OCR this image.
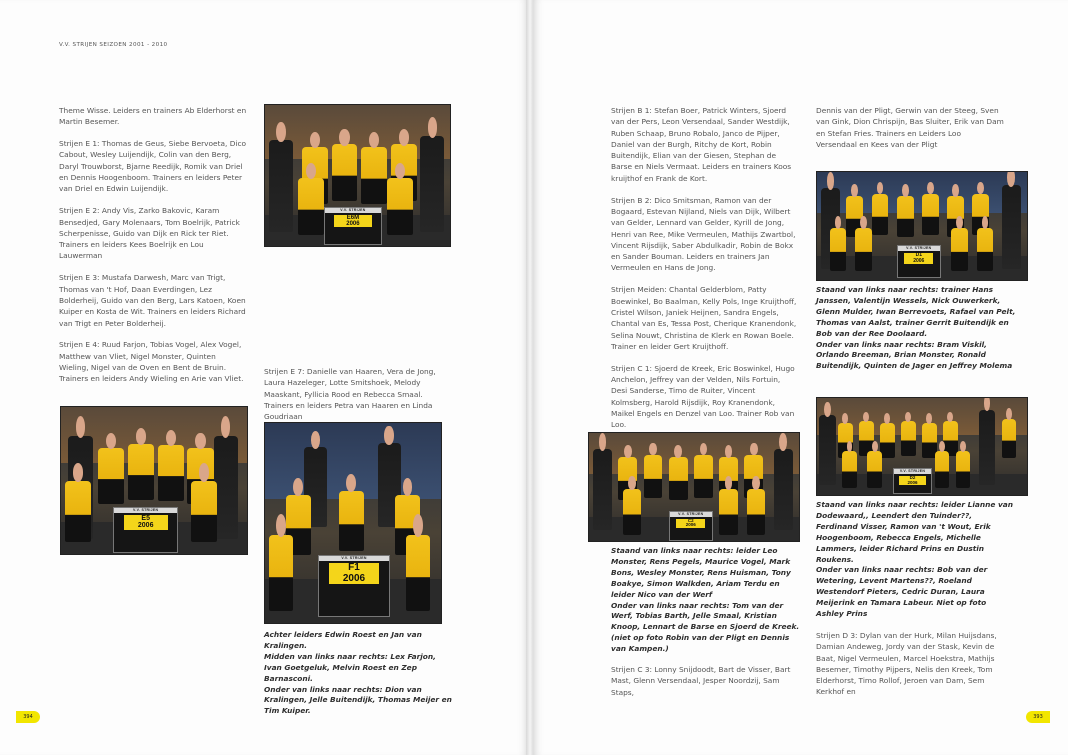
V.V. STRIJEN SEIZOEN 2001 - 2010

Theme Wisse. Leiders en trainers Ab Elderhorst en Martin Besemer.

Strijen E 1: Thomas de Geus, Siebe Bervoeta, Dico Cabout, Wesley Luijendijk, Colin van den Berg, Daryl Trouwborst, Bjarne Reedijk, Romik van Driel en Dennis Hoogenboom. Trainers en leiders Peter van Driel en Edwin Luijendijk.

Strijen E 2: Andy Vis, Zarko Bakovic, Karam Bensedjed, Gary Molenaars, Tom Boelrijk, Patrick Scherpenisse, Guido van Dijk en Rick ter Riet. Trainers en leiders Kees Boelrijk en Lou Lauwerman

Strijen E 3: Mustafa Darwesh, Marc van Trigt, Thomas van 't Hof, Daan Everdingen, Lez Bolderheij, Guido van den Berg, Lars Katoen, Koen Kuiper en Kosta de Wit. Trainers en leiders Richard van Trigt en Peter Bolderheij.

Strijen E 4: Ruud Farjon, Tobias Vogel, Alex Vogel, Matthew van Vliet, Nigel Monster, Quinten Wieling, Nigel van de Oven en Bent de Bruin. Trainers en leiders Andy Wieling en Arie van Vliet.

V.V. STRIJEN
E6M
2006

Strijen E 7: Danielle van Haaren, Vera de Jong, Laura Hazeleger, Lotte Smitshoek, Melody Maaskant, Fyllicia Rood en Rebecca Smaal. Trainers en leiders Petra van Haaren en Linda Goudriaan

V.V. STRIJEN
E5
2006
V.V. STRIJEN
F1
2006

Achter leiders Edwin Roest en Jan van Kralingen.

Midden van links naar rechts: Lex Farjon, Ivan Goetgeluk, Melvin Roest en Zep Barnasconi.

Onder van links naar rechts: Dion van Kralingen, Jelle Buitendijk, Thomas Meijer en Tim Kuiper.

394

Strijen B 1: Stefan Boer, Patrick Winters, Sjoerd van der Pers, Leon Versendaal, Sander Westdijk, Ruben Schaap, Bruno Robalo, Janco de Pijper, Daniel van der Burgh, Ritchy de Kort, Robin Buitendijk, Elian van der Giesen, Stephan de Barse en Niels Vermaat. Leiders en trainers Koos kruijthof en Frank de Kort.

Strijen B 2: Dico Smitsman, Ramon van der Bogaard, Estevan Nijland, Niels van Dijk, Wilbert van Gelder, Lennard van Gelder, Kyrill de Jong, Henri van Ree, Mike Vermeulen, Mathijs Zwartbol, Vincent Rijsdijk, Saber Abdulkadir, Robin de Bokx en Sander Bouman. Leiders en trainers Jan Vermeulen en Hans de Jong.

Strijen Meiden: Chantal Gelderblom, Patty Boewinkel, Bo Baalman, Kelly Pols, Inge Kruijthoff, Cristel Wilson, Janiek Heijnen, Sandra Engels, Chantal van Es, Tessa Post, Cherique Kranendonk, Selina Nouwt, Christina de Klerk en Rowan Boele. Trainer en leider Gert Kruijthoff.

Strijen C 1: Sjoerd de Kreek, Eric Boswinkel, Hugo Anchelon, Jeffrey van der Velden, Nils Fortuin, Desi Sanderse, Timo de Ruiter, Vincent Kolmsberg, Harold Rijsdijk, Roy Kranendonk, Maikel Engels en Denzel van Loo. Trainer Rob van Loo.

V.V. STRIJEN
C2
2006

Staand van links naar rechts: leider Leo Monster, Rens Pegels, Maurice Vogel, Mark Bons, Wesley Monster, Rens Huisman, Tony Boakye, Simon Walkden, Ariam Terdu en leider Nico van der Werf

Onder van links naar rechts: Tom van der Werf, Tobias Barth, Jelle Smaal, Kristian Knoop, Lennart de Barse en Sjoerd de Kreek. (niet op foto Robin van der Pligt en Dennis van Kampen.)

Strijen C 3: Lonny Snijdoodt, Bart de Visser, Bart Mast, Glenn Versendaal, Jesper Noordzij, Sam Staps,

Dennis van der Pligt, Gerwin van der Steeg, Sven van Gink, Dion Chrispijn, Bas Sluiter, Erik van Dam en Stefan Fries. Trainers en Leiders Loo Versendaal en Kees van der Pligt

V.V. STRIJEN
D1
2006

Staand van links naar rechts: trainer Hans Janssen, Valentijn Wessels, Nick Ouwerkerk, Glenn Mulder, Iwan Berrevoets, Rafael van Pelt, Thomas van Aalst, trainer Gerrit Buitendijk en Bob van der Ree Doolaard.

Onder van links naar rechts: Bram Viskil, Orlando Breeman, Brian Monster, Ronald Buitendijk, Quinten de Jager en Jeffrey Molema

V.V. STRIJEN
D2
2006

Staand van links naar rechts: leider Lianne van Dodewaard,, Leendert den Tuinder??, Ferdinand Visser, Ramon van 't Wout, Erik Hoogenboom, Rebecca Engels, Michelle Lammers, leider Richard Prins en Dustin Roukens.

Onder van links naar rechts: Bob van der Wetering, Levent Martens??, Roeland Westendorf Pieters, Cedric Duran, Laura Meijerink en Tamara Labeur. Niet op foto Ashley Prins

Strijen D 3: Dylan van der Hurk, Milan Huijsdans, Damian Andeweg, Jordy van der Stask, Kevin de Baat, Nigel Vermeulen, Marcel Hoekstra, Mathijs Besemer, Timothy Pijpers, Nelis den Kreek, Tom Elderhorst, Timo Rollof, Jeroen van Dam, Sem Kerkhof en

393
